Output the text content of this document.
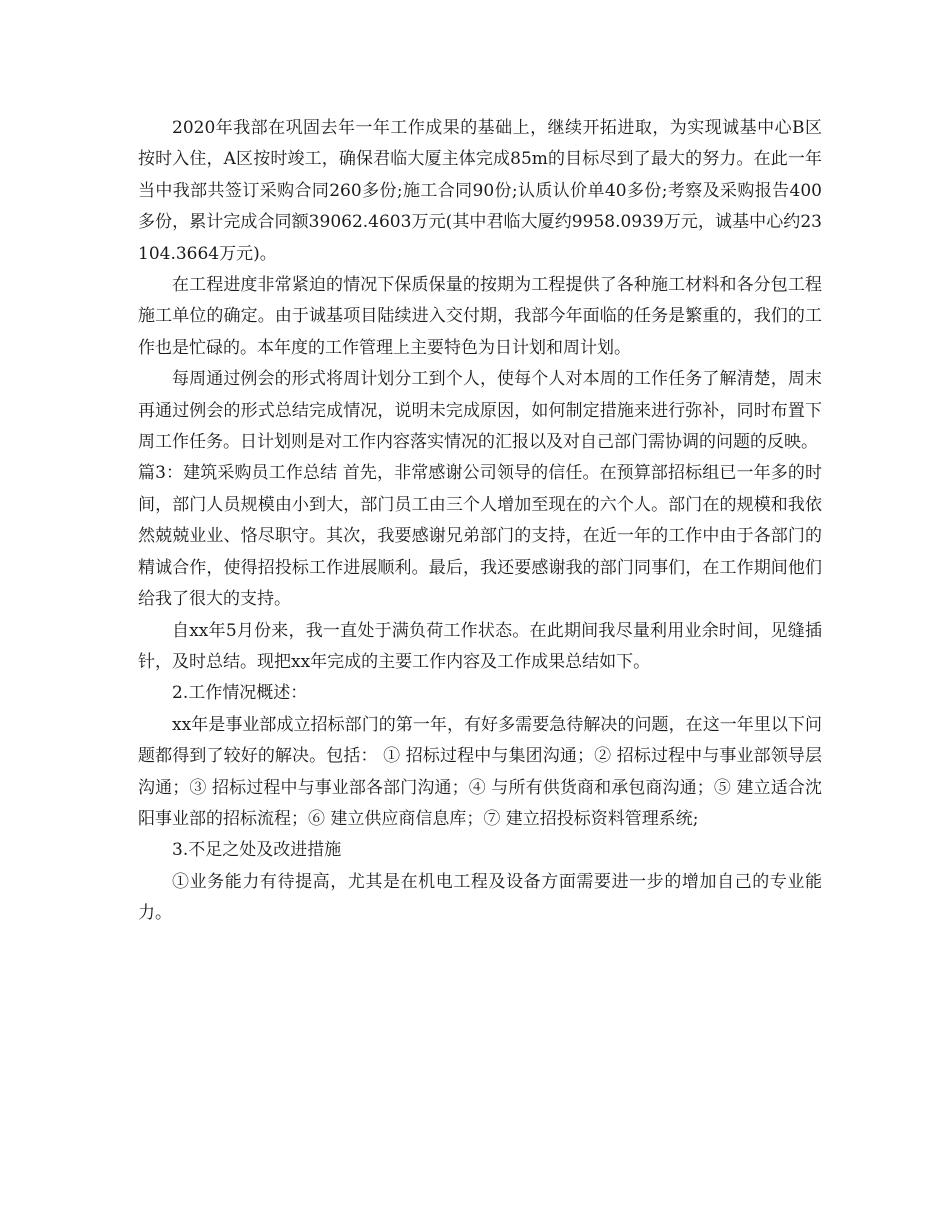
2020年我部在巩固去年一年工作成果的基础上，继续开拓进取，为实现诚基中心B区按时入住，A区按时竣工，确保君临大厦主体完成85m的目标尽到了最大的努力。在此一年当中我部共签订采购合同260多份;施工合同90份;认质认价单40多份;考察及采购报告400多份，累计完成合同额39062.4603万元(其中君临大厦约9958.0939万元，诚基中心约23104.3664万元)。

在工程进度非常紧迫的情况下保质保量的按期为工程提供了各种施工材料和各分包工程施工单位的确定。由于诚基项目陆续进入交付期，我部今年面临的任务是繁重的，我们的工作也是忙碌的。本年度的工作管理上主要特色为日计划和周计划。

每周通过例会的形式将周计划分工到个人，使每个人对本周的工作任务了解清楚，周末再通过例会的形式总结完成情况，说明未完成原因，如何制定措施来进行弥补，同时布置下周工作任务。日计划则是对工作内容落实情况的汇报以及对自己部门需协调的问题的反映。

篇3：建筑采购员工作总结 首先，非常感谢公司领导的信任。在预算部招标组已一年多的时间，部门人员规模由小到大，部门员工由三个人增加至现在的六个人。部门在的规模和我依然兢兢业业、恪尽职守。其次，我要感谢兄弟部门的支持，在近一年的工作中由于各部门的精诚合作，使得招投标工作进展顺利。最后，我还要感谢我的部门同事们，在工作期间他们给我了很大的支持。

自xx年5月份来，我一直处于满负荷工作状态。在此期间我尽量利用业余时间，见缝插针，及时总结。现把xx年完成的主要工作内容及工作成果总结如下。

2.工作情况概述：

xx年是事业部成立招标部门的第一年，有好多需要急待解决的问题，在这一年里以下问题都得到了较好的解决。包括： ① 招标过程中与集团沟通；② 招标过程中与事业部领导层沟通；③ 招标过程中与事业部各部门沟通；④ 与所有供货商和承包商沟通；⑤ 建立适合沈阳事业部的招标流程；⑥ 建立供应商信息库；⑦ 建立招投标资料管理系统;

3.不足之处及改进措施

①业务能力有待提高，尤其是在机电工程及设备方面需要进一步的增加自己的专业能力。
